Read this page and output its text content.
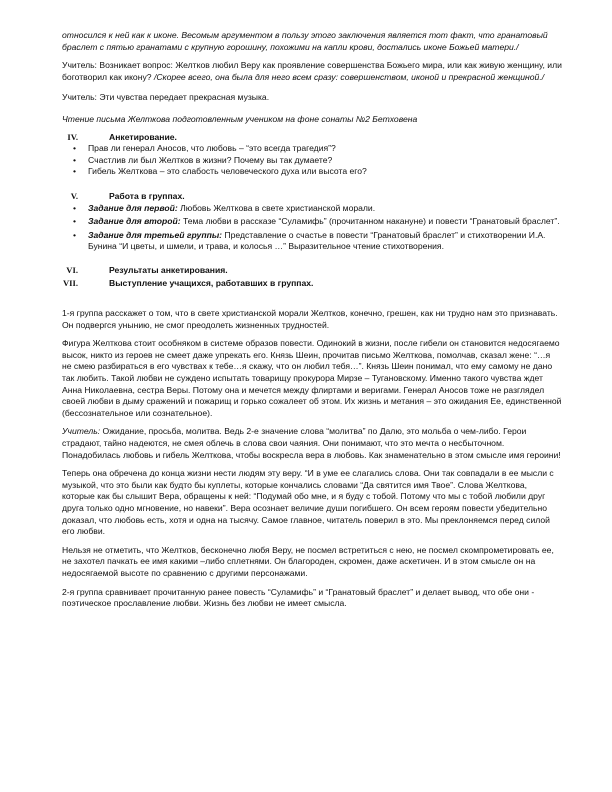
относился к ней как к иконе. Весомым аргументом в пользу этого заключения является тот факт, что гранатовый браслет с пятью гранатами с крупную горошину, похожими на капли крови, достались иконе Божьей матери./

Учитель: Возникает вопрос: Желтков любил Веру как проявление совершенства Божьего мира, или как живую женщину, или боготворил как икону? /Скорее всего, она была для него всем сразу: совершенством, иконой и прекрасной женщиной./

Учитель: Эти чувства передает прекрасная музыка.

Чтение письма Желткова подготовленным учеником на фоне сонаты №2 Бетховена

IV.	Анкетирование.
• Прав ли генерал Аносов, что любовь – “это всегда трагедия”?
• Счастлив ли был Желтков в жизни? Почему вы так думаете?
• Гибель Желткова – это слабость человеческого духа или высота его?
V.	Работа в группах.
• Задание для первой: Любовь Желткова в свете христианской морали.
• Задание для второй: Тема любви в рассказе “Суламифь” (прочитанном накануне) и повести “Гранатовый браслет”.
• Задание для третьей группы: Представление о счастье в повести “Гранатовый браслет” и стихотворении И.А. Бунина “И цветы, и шмели, и трава, и колосья …” Выразительное чтение стихотворения.
VI.	Результаты анкетирования.
VII.	Выступление учащихся, работавших в группах.

1-я группа расскажет о том, что в свете христианской морали Желтков, конечно, грешен, как ни трудно нам это признавать. Он подвергся унынию, не смог преодолеть жизненных трудностей.

Фигура Желткова стоит особняком в системе образов повести. Одинокий в жизни, после гибели он становится недосягаемо высок, никто из героев не смеет даже упрекать его. Князь Шеин, прочитав письмо Желткова, помолчав, сказал жене: “…я не смею разбираться в его чувствах к тебе…я скажу, что он любил тебя…”. Князь Шеин понимал, что ему самому не дано так любить. Такой любви не суждено испытать товарищу прокурора Мирзе – Тугановскому. Именно такого чувства ждет Анна Николаевна, сестра Веры. Потому она и мечется между флиртами и веригами. Генерал Аносов тоже не разглядел своей любви в дыму сражений и пожарищ и горько сожалеет об этом. Их жизнь и метания – это ожидания Ее, единственной (бессознательное или сознательное).

Учитель: Ожидание, просьба, молитва. Ведь 2-е значение слова “молитва” по Далю, это мольба о чем-либо. Герои страдают, тайно надеются, не смея облечь в слова свои чаяния. Они понимают, что это мечта о несбыточном. Понадобилась любовь и гибель Желткова, чтобы воскресла вера в любовь. Как знаменательно в этом смысле имя героини!

Теперь она обречена до конца жизни нести людям эту веру. “И в уме ее слагались слова. Они так совпадали в ее мысли с музыкой, что это были как будто бы куплеты, которые кончались словами “Да святится имя Твое”. Слова Желткова, которые как бы слышит Вера, обращены к ней: “Подумай обо мне, и я буду с тобой. Потому что мы с тобой любили друг друга только одно мгновение, но навеки”. Вера осознает величие души погибшего. Он всем героям повести убедительно доказал, что любовь есть, хотя и одна на тысячу. Самое главное, читатель поверил в это. Мы преклоняемся перед силой его любви.

Нельзя не отметить, что Желтков, бесконечно любя Веру, не посмел встретиться с нею, не посмел скомпрометировать ее, не захотел пачкать ее имя какими –либо сплетнями. Он благороден, скромен, даже аскетичен. И в этом смысле он на недосягаемой высоте по сравнению с другими персонажами.

2-я группа сравнивает прочитанную ранее повесть “Суламифь” и “Гранатовый браслет” и делает вывод, что обе они - поэтическое прославление любви. Жизнь без любви не имеет смысла.
